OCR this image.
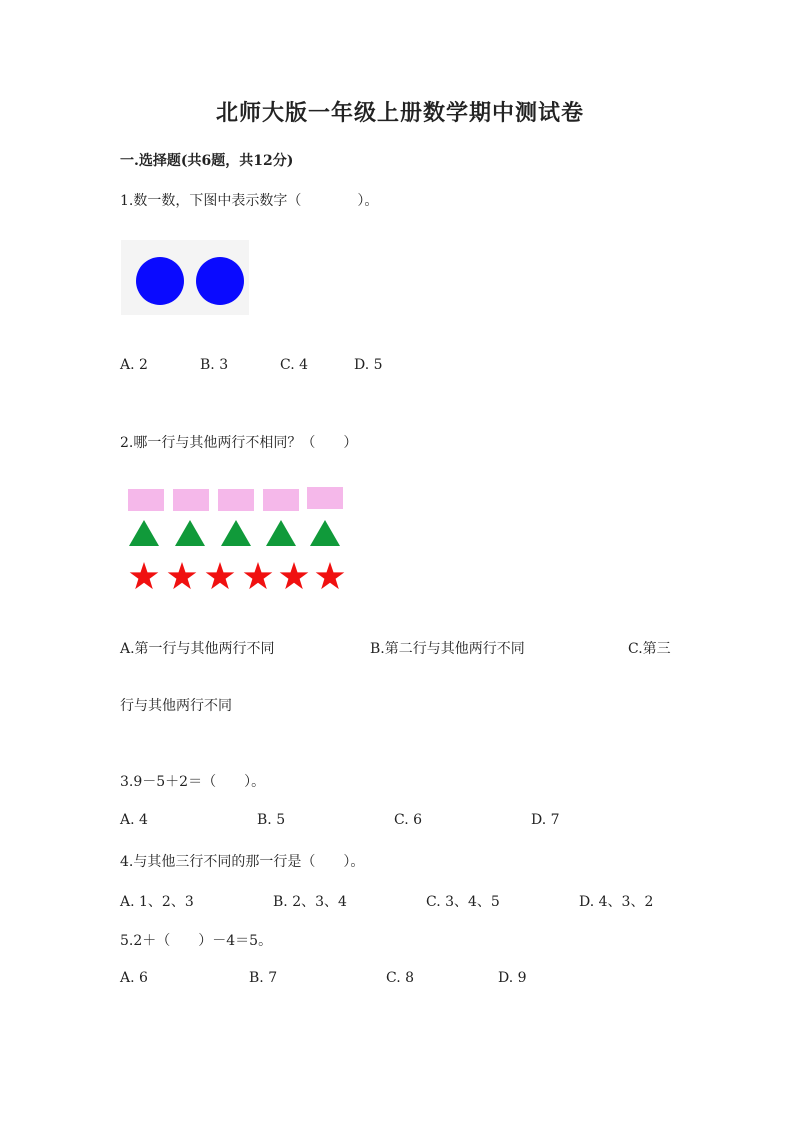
北师大版一年级上册数学期中测试卷
一.选择题(共6题，共12分)
1.数一数，下图中表示数字（　　　　）。
A. 2	B. 3	C. 4	D. 5
2.哪一行与其他两行不相同？（　　）
A.第一行与其他两行不同	B.第二行与其他两行不同	C.第三
行与其他两行不同
3.9－5＋2＝（　　）。
A. 4	B. 5	C. 6	D. 7
4.与其他三行不同的那一行是（　　）。
A. 1、2、3	B. 2、3、4	C. 3、4、5	D. 4、3、2
5.2＋（　　）－4＝5。
A. 6	B. 7	C. 8	D. 9
